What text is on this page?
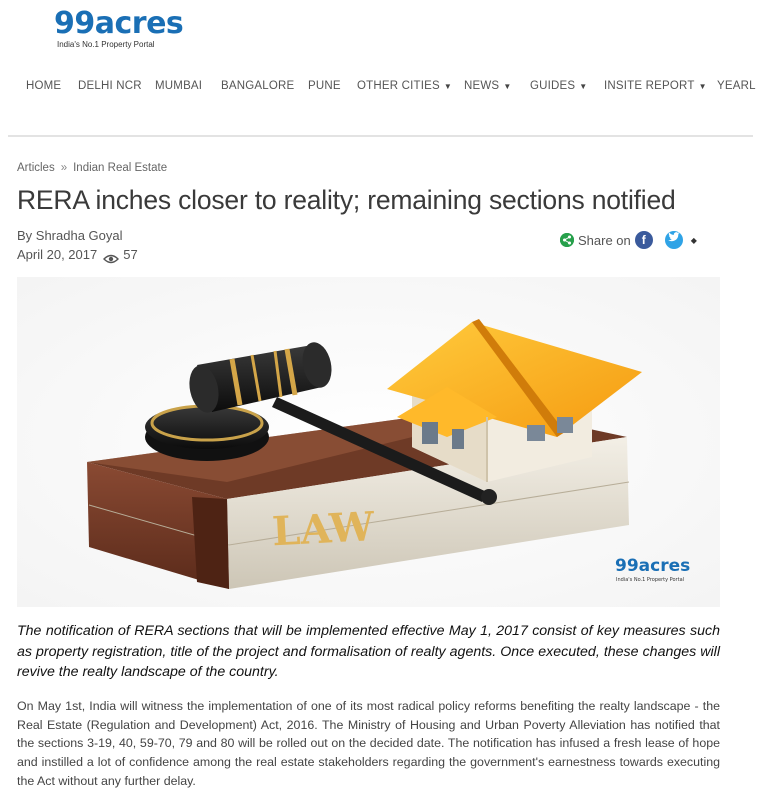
99acres
India's No.1 Property Portal
HOME DELHI NCR MUMBAI BANGALORE PUNE OTHER CITIES ▼ NEWS ▼ GUIDES ▼ INSITE REPORT ▼ YEARL
Articles » Indian Real Estate
RERA inches closer to reality; remaining sections notified
By Shradha Goyal
April 20, 2017 57
Share on f	◆
LAW
99acres
India's No.1 Property Portal

The notification of RERA sections that will be implemented effective May 1, 2017 consist of key measures such as property registration, title of the project and formalisation of realty agents. Once executed, these changes will revive the realty landscape of the country.

On May 1st, India will witness the implementation of one of its most radical policy reforms benefiting the realty landscape - the Real Estate (Regulation and Development) Act, 2016. The Ministry of Housing and Urban Poverty Alleviation has notified that the sections 3-19, 40, 59-70, 79 and 80 will be rolled out on the decided date. The notification has infused a fresh lease of hope and instilled a lot of confidence among the real estate stakeholders regarding the government's earnestness towards executing the Act without any further delay.
